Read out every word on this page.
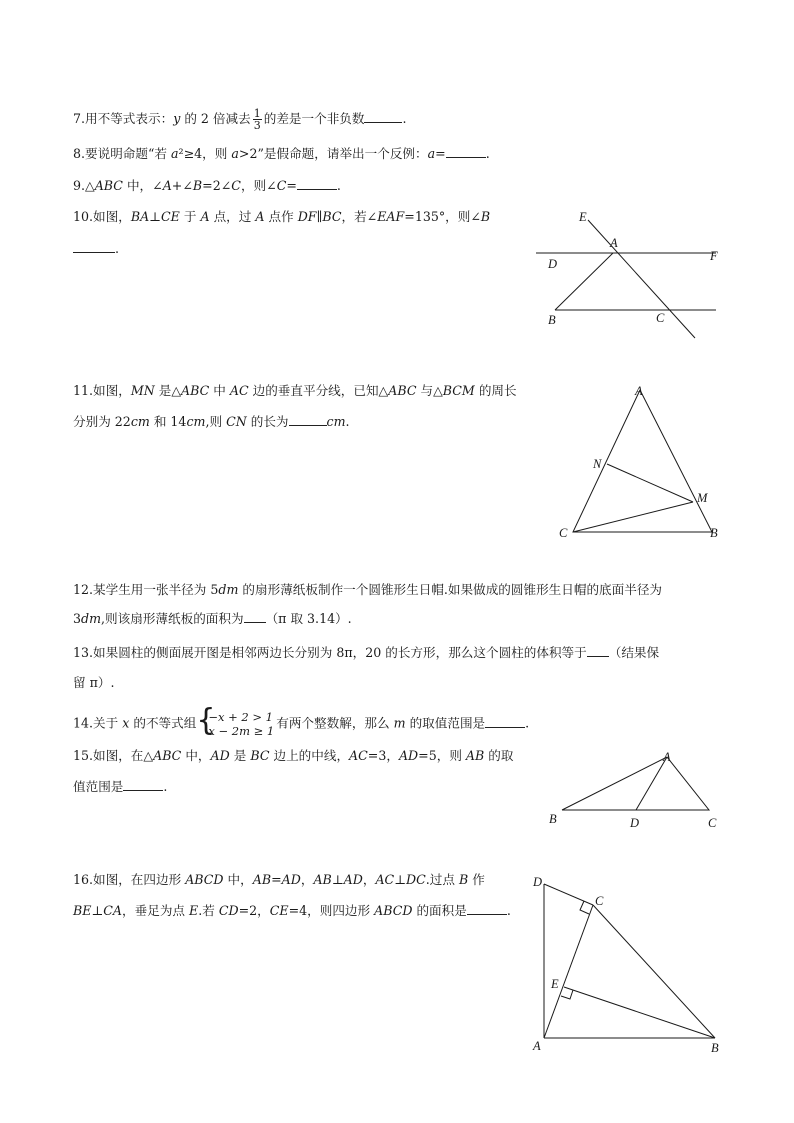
7.用不等式表示：y 的 2 倍减去 $\frac{1}{3}$ 的差是一个非负数	.
8.要说明命题“若 a²≥4，则 a>2”是假命题，请举出一个反例：a=	.
9.△ABC 中，∠A+∠B=2∠C，则∠C=	.
10.如图，BA⊥CE 于 A 点，过 A 点作 DF∥BC，若∠EAF=135°，则∠B
.
E
A
F
D
B	C
11.如图，MN 是△ABC 中 AC 边的垂直平分线，已知△ABC 与△BCM 的周长
分别为 22cm 和 14cm,则 CN 的长为	cm.
A
N
M
C	B
12.某学生用一张半径为 5dm 的扇形薄纸板制作一个圆锥形生日帽.如果做成的圆锥形生日帽的底面半径为
3dm,则该扇形薄纸板的面积为 （π 取 3.14）.
13.如果圆柱的侧面展开图是相邻两边长分别为 8π，20 的长方形，那么这个圆柱的体积等于 （结果保
留 π）.
14.关于 x 的不等式组 {
−x + 2 > 1
x − 2m ≥ 1
有两个整数解，那么 m 的取值范围是	.
15.如图，在△ABC 中，AD 是 BC 边上的中线，AC=3，AD=5，则 AB 的取
值范围是	.
A
B	D	C
16.如图，在四边形 ABCD 中，AB=AD，AB⊥AD，AC⊥DC.过点 B 作
BE⊥CA，垂足为点 E.若 CD=2，CE=4，则四边形 ABCD 的面积是	.
D
C
E
A	B
